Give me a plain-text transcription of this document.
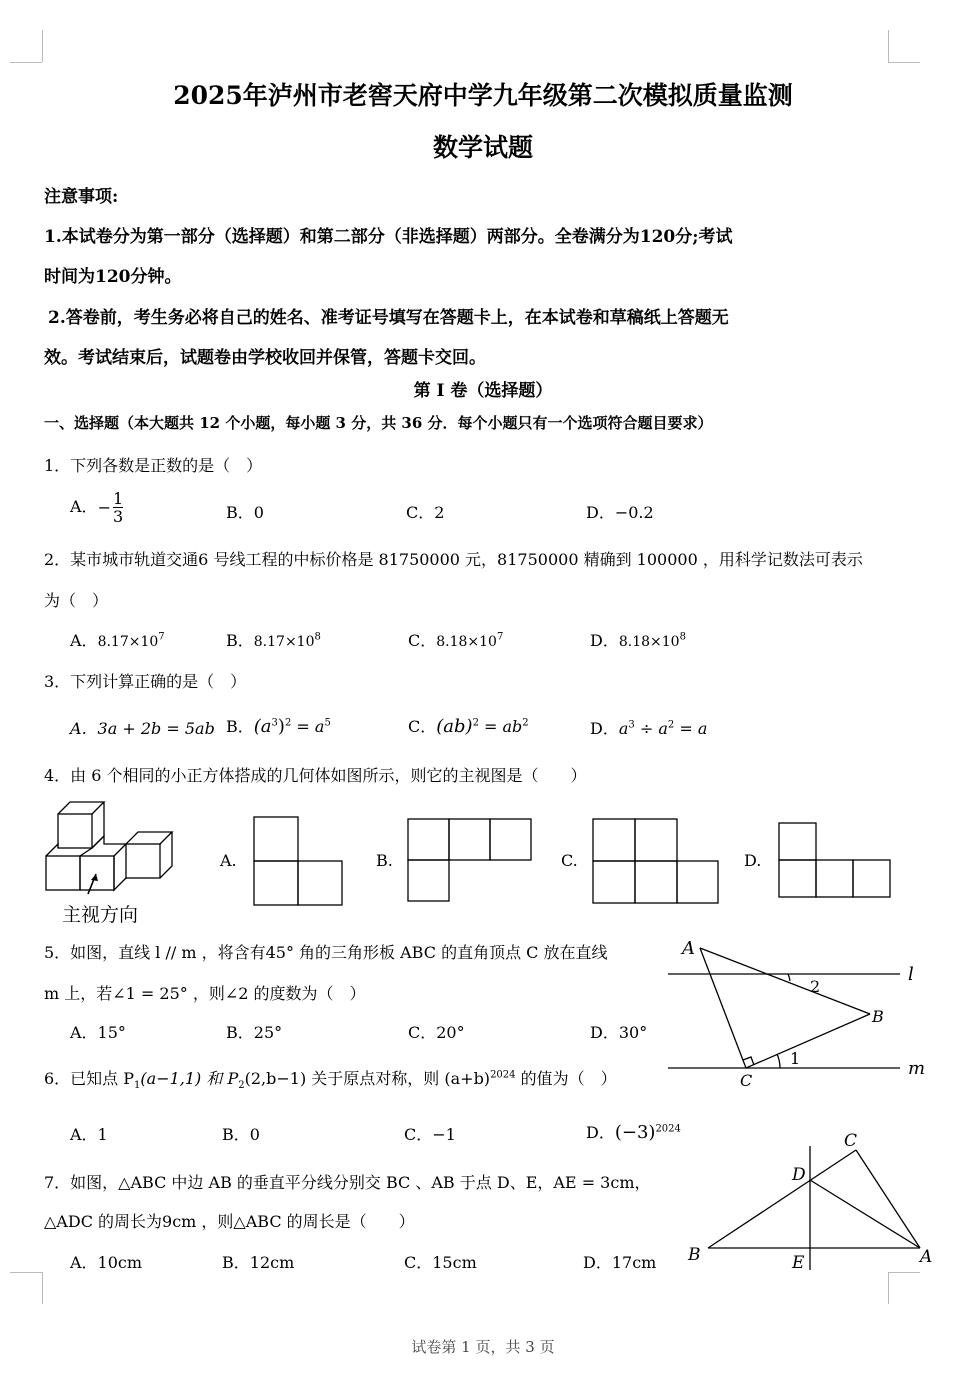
2025年泸州市老窖天府中学九年级第二次模拟质量监测
数学试题
注意事项:
1.本试卷分为第一部分（选择题）和第二部分（非选择题）两部分。全卷满分为120分;考试
时间为120分钟。
2.答卷前，考生务必将自己的姓名、准考证号填写在答题卡上，在本试卷和草稿纸上答题无
效。考试结束后，试题卷由学校收回并保管，答题卡交回。
第 I 卷（选择题）
一、选择题（本大题共 12 个小题，每小题 3 分，共 36 分．每个小题只有一个选项符合题目要求）
1．下列各数是正数的是（　）
A．− $\frac{1}{3}$	B．0	C．2	D．−0.2
2．某市城市轨道交通6 号线工程的中标价格是 81750000 元，81750000 精确到 100000 ，用科学记数法可表示
为（　）
A．$8.17\times 10^7$	B．$8.17\times 10^8$	C．$8.18\times 10^7$	D．$8.18\times 10^8$
3．下列计算正确的是（　）
A．3a + 2b = 5ab B．$(a^3)^2 = a^5$	C．$(ab)^2 = ab^2$	D．$a^3 \div a^2 = a$
4．由 6 个相同的小正方体搭成的几何体如图所示，则它的主视图是（　　）
主视方向
A.	B.	C.	D.
5．如图，直线 l // m ，将含有45° 角的三角形板 ABC 的直角顶点 C 放在直线
m 上，若∠1 = 25° ，则∠2 的度数为（　）
A．15°	B．25°	C．20°	D．30°
A
B
C
l
m
1
2
6．已知点 $P_1(a-1,1)$ 和 $P_2(2,b-1)$ 关于原点对称，则 $(a+b)^{2024}$ 的值为（　）
A．1	B．0	C．−1	D．$(-3)^{2024}$
7．如图，△ABC 中边 AB 的垂直平分线分别交 BC 、AB 于点 D、E，AE = 3cm，
△ADC 的周长为9cm ，则△ABC 的周长是（　　）
A．10cm	B．12cm	C．15cm	D．17cm
C
D
B	E	A
试卷第 1 页，共 3 页
